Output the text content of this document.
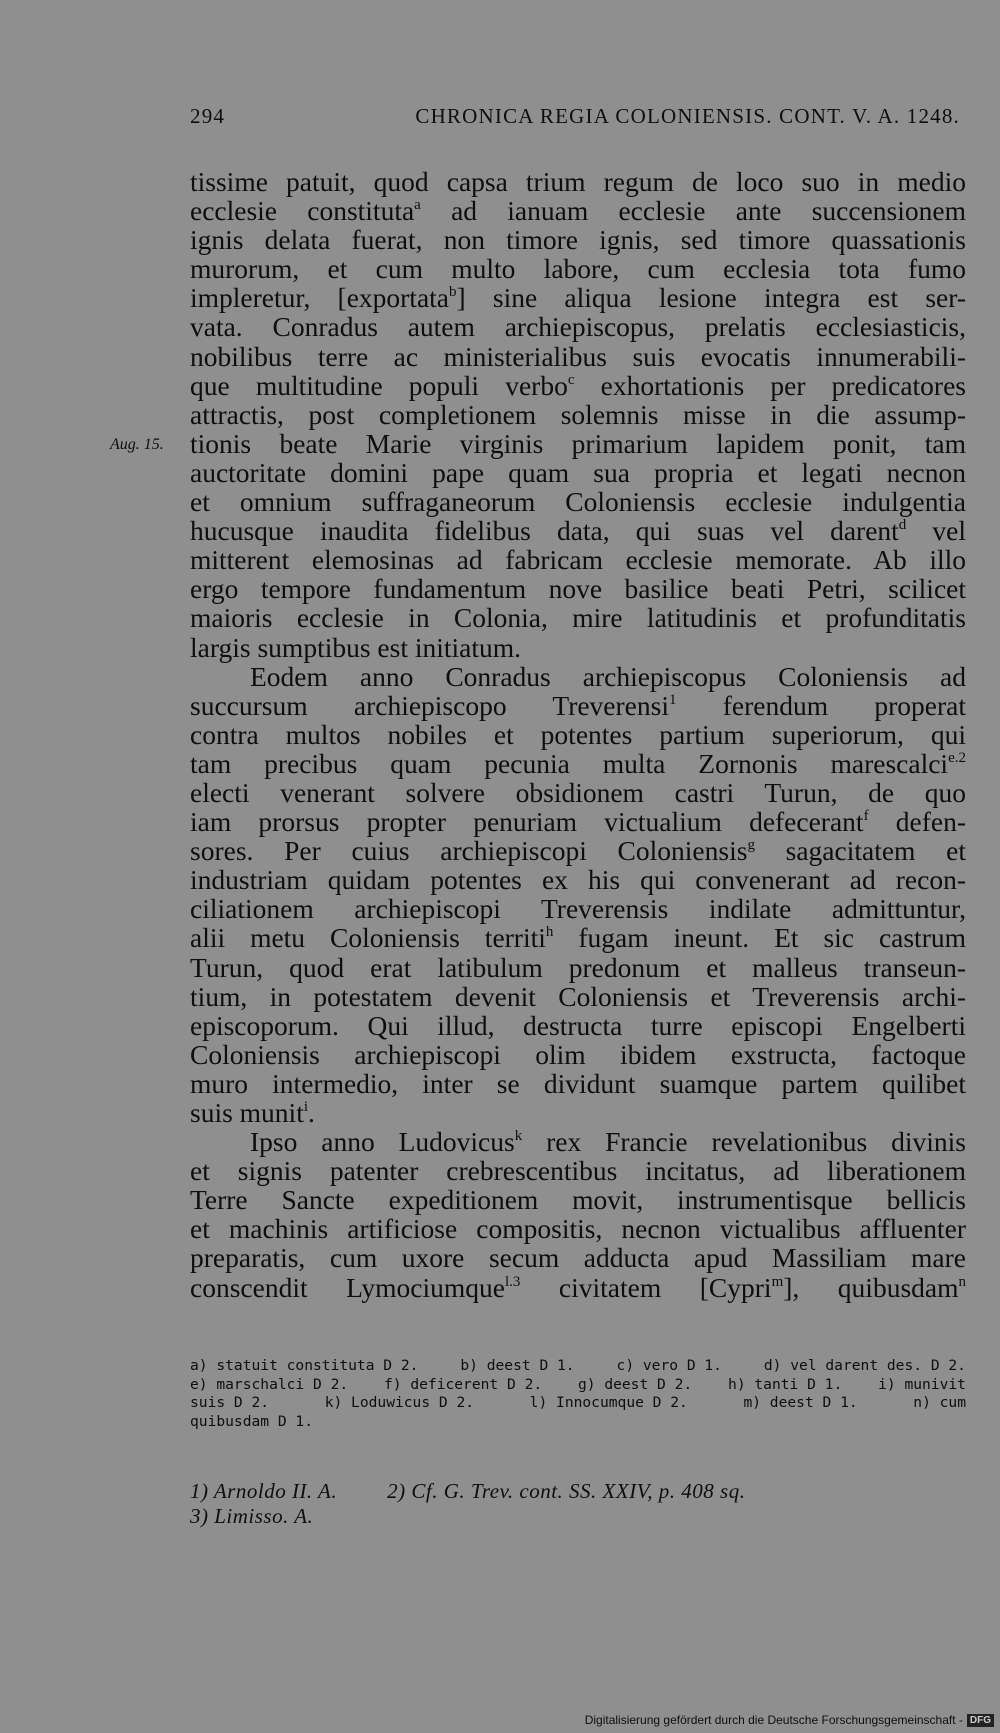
294	CHRONICA REGIA COLONIENSIS. CONT. V. A. 1248.
Aug. 15.
tissime patuit, quod capsa trium regum de loco suo in medio
ecclesie constituta$^a$ ad ianuam ecclesie ante succensionem
ignis delata fuerat, non timore ignis, sed timore quassationis
murorum, et cum multo labore, cum ecclesia tota fumo
impleretur, [exportata$^b$] sine aliqua lesione integra est ser-
vata. Conradus autem archiepiscopus, prelatis ecclesiasticis,
nobilibus terre ac ministerialibus suis evocatis innumerabili-
que multitudine populi verbo$^c$ exhortationis per predicatores
attractis, post completionem solemnis misse in die assump-
tionis beate Marie virginis primarium lapidem ponit, tam
auctoritate domini pape quam sua propria et legati necnon
et omnium suffraganeorum Coloniensis ecclesie indulgentia
hucusque inaudita fidelibus data, qui suas vel darent$^d$ vel
mitterent elemosinas ad fabricam ecclesie memorate. Ab illo
ergo tempore fundamentum nove basilice beati Petri, scilicet
maioris ecclesie in Colonia, mire latitudinis et profunditatis
largis sumptibus est initiatum.
Eodem anno Conradus archiepiscopus Coloniensis ad
succursum archiepiscopo Treverensi$^1$ ferendum properat
contra multos nobiles et potentes partium superiorum, qui
tam precibus quam pecunia multa Zornonis marescalci$^{e.2}$
electi venerant solvere obsidionem castri Turun, de quo
iam prorsus propter penuriam victualium defecerant$^f$ defen-
sores. Per cuius archiepiscopi Coloniensis$^g$ sagacitatem et
industriam quidam potentes ex his qui convenerant ad recon-
ciliationem archiepiscopi Treverensis indilate admittuntur,
alii metu Coloniensis territi$^h$ fugam ineunt. Et sic castrum
Turun, quod erat latibulum predonum et malleus transeun-
tium, in potestatem devenit Coloniensis et Treverensis archi-
episcoporum. Qui illud, destructa turre episcopi Engelberti
Coloniensis archiepiscopi olim ibidem exstructa, factoque
muro intermedio, inter se dividunt suamque partem quilibet
suis munit$^i$.
Ipso anno Ludovicus$^k$ rex Francie revelationibus divinis
et signis patenter crebrescentibus incitatus, ad liberationem
Terre Sancte expeditionem movit, instrumentisque bellicis
et machinis artificiose compositis, necnon victualibus affluenter
preparatis, cum uxore secum adducta apud Massiliam mare
conscendit Lymociumque$^{l.3}$ civitatem [Cypri$^m$], quibusdam$^n$
a) statuit constituta D 2.	b) deest D 1.	c) vero D 1.	d) vel darent des. D 2.
e) marschalci D 2. f) deficerent D 2. g) deest D 2. h) tanti D 1. i) munivit
suis D 2.	k) Loduwicus D 2.	l) Innocumque D 2.	m) deest D 1.	n) cum
quibusdam D 1.
1) Arnoldo II. A. 2) Cf. G. Trev. cont. SS. XXIV, p. 408 sq.
3) Limisso. A.
Digitalisierung gefördert durch die Deutsche Forschungsgemeinschaft - DFG
